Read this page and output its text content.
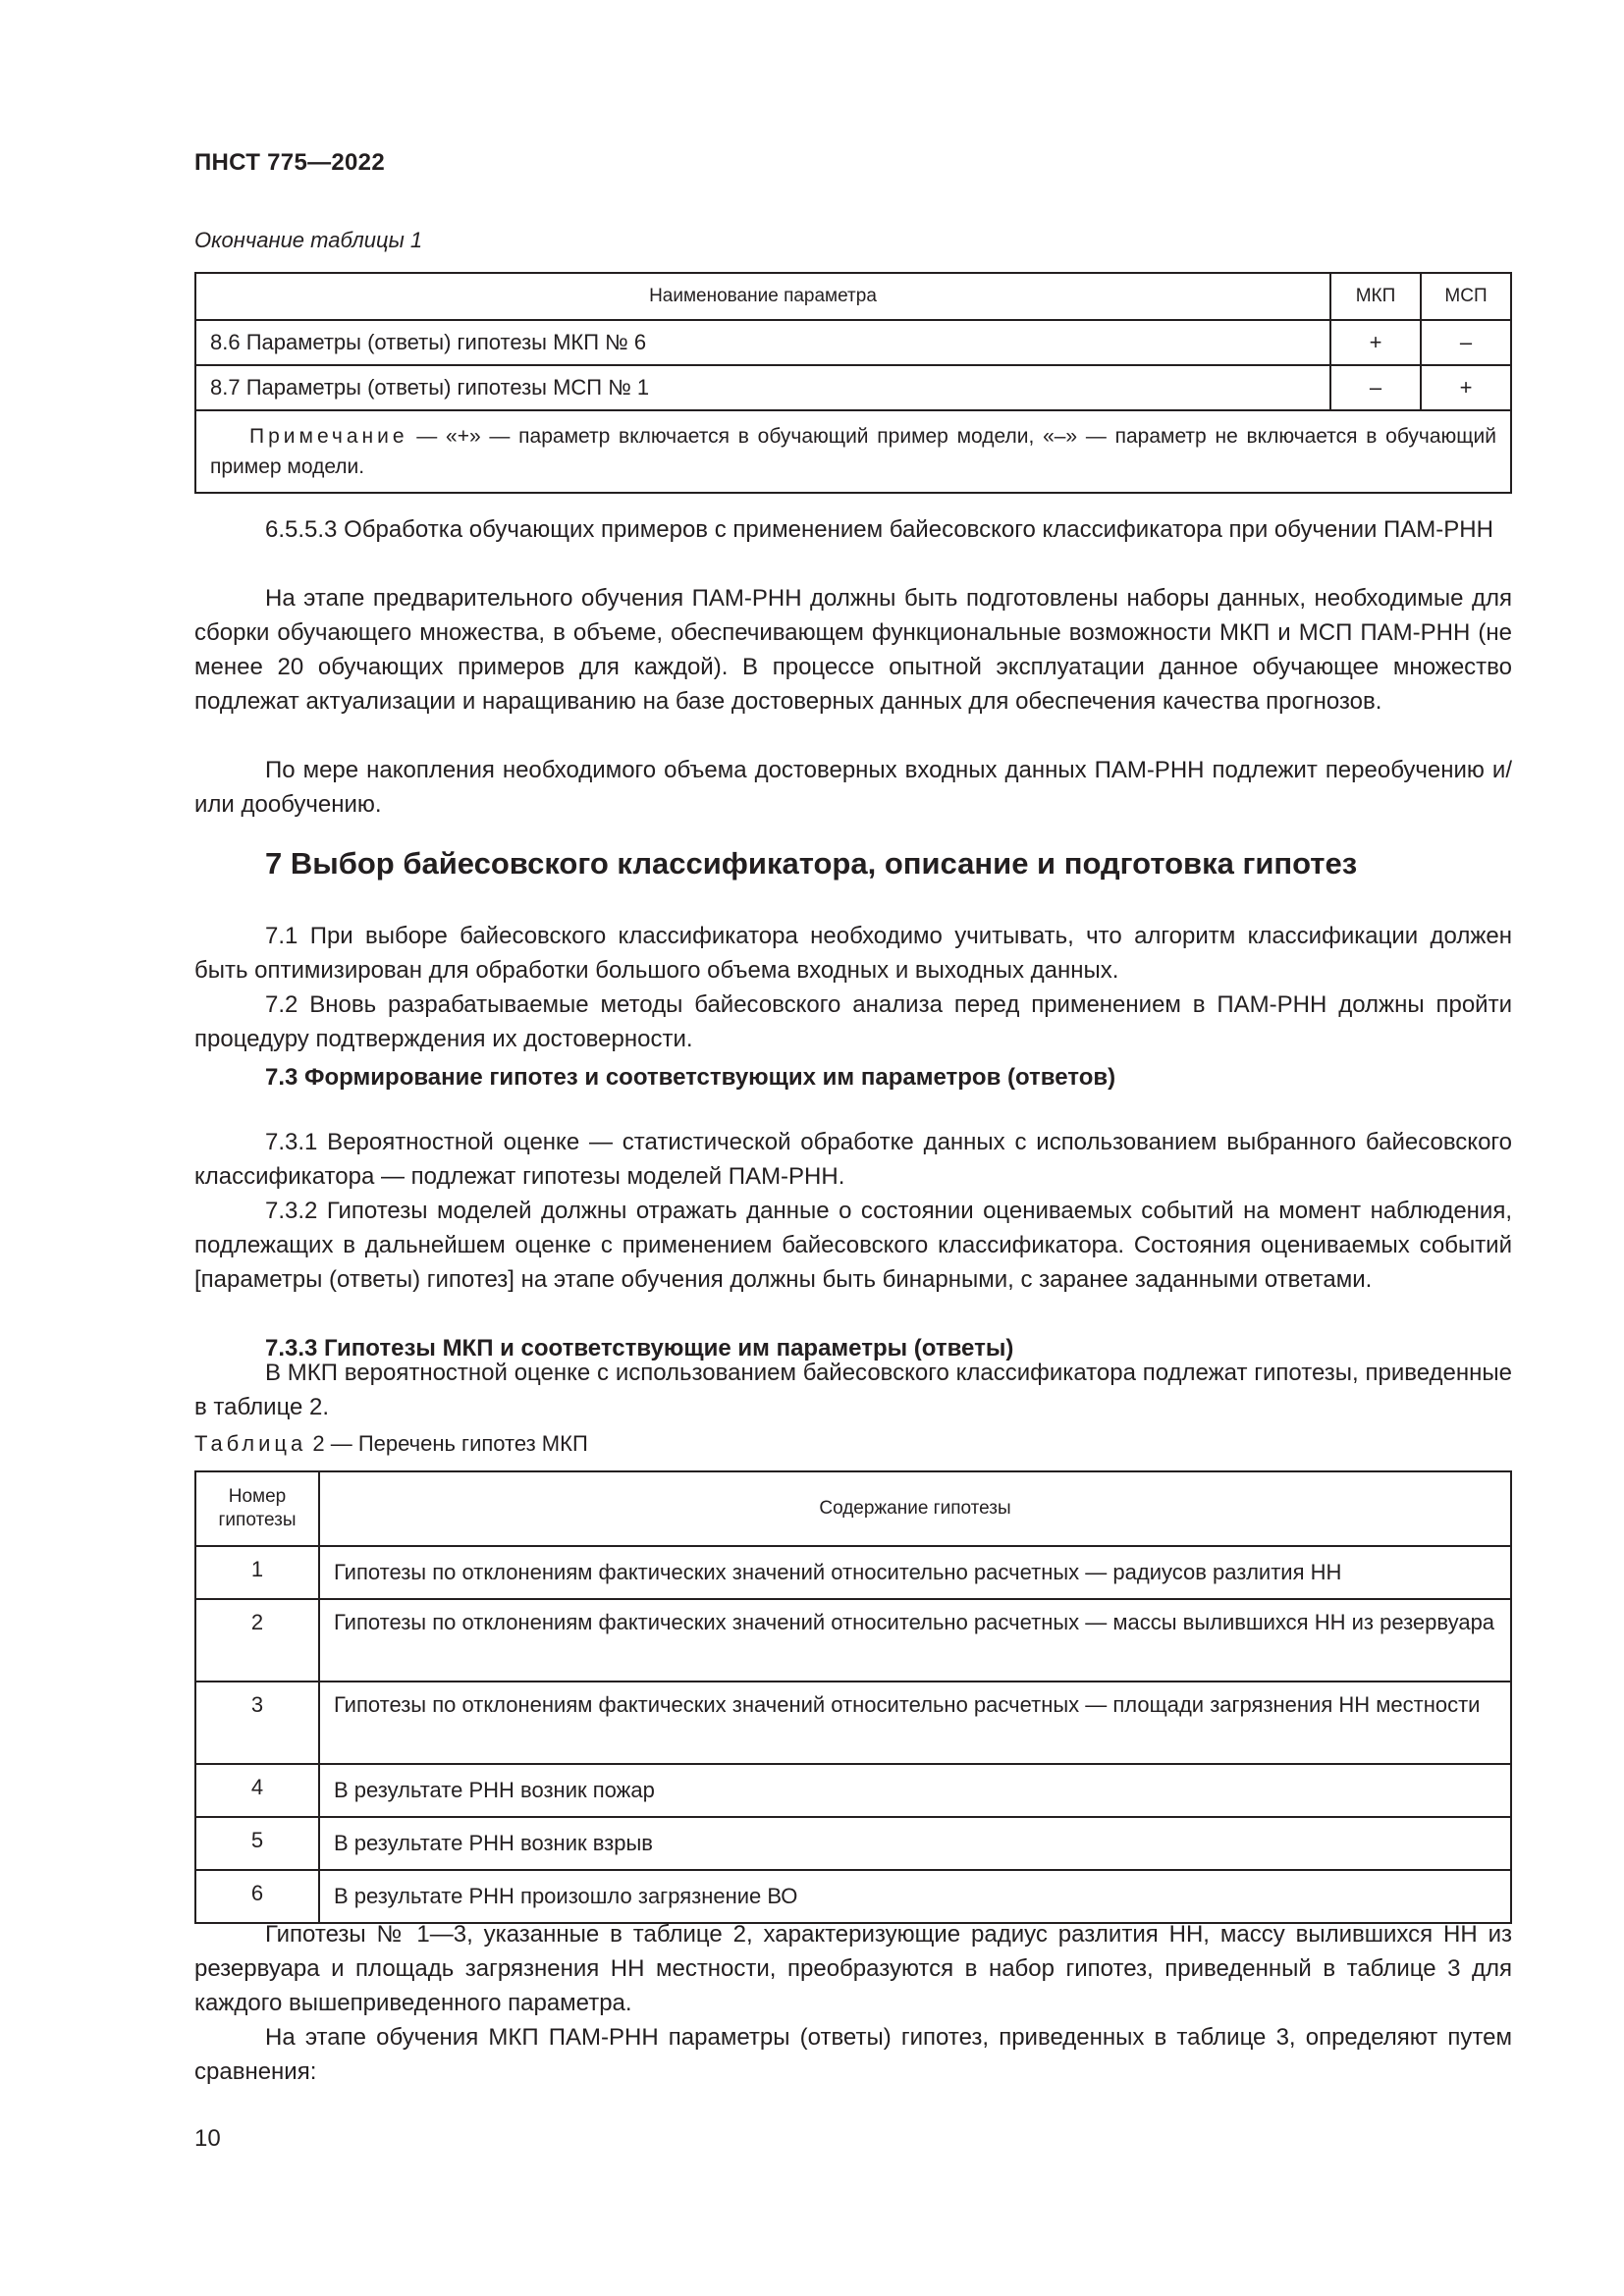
ПНСТ 775—2022
Окончание таблицы 1
Наименование параметра	МКП	МСП
8.6 Параметры (ответы) гипотезы МКП № 6	+	–
8.7 Параметры (ответы) гипотезы МСП № 1	–	+
Примечание — «+» — параметр включается в обучающий пример модели, «–» — параметр не включается в обучающий пример модели.		

6.5.5.3 Обработка обучающих примеров с применением байесовского классификатора при обучении ПАМ-РНН

На этапе предварительного обучения ПАМ-РНН должны быть подготовлены наборы данных, необходимые для сборки обучающего множества, в объеме, обеспечивающем функциональные возможности МКП и МСП ПАМ-РНН (не менее 20 обучающих примеров для каждой). В процессе опытной эксплуатации данное обучающее множество подлежат актуализации и наращиванию на базе достоверных данных для обеспечения качества прогнозов.

По мере накопления необходимого объема достоверных входных данных ПАМ-РНН подлежит переобучению и/или дообучению.

7 Выбор байесовского классификатора, описание и подготовка гипотез

7.1 При выборе байесовского классификатора необходимо учитывать, что алгоритм классификации должен быть оптимизирован для обработки большого объема входных и выходных данных.

7.2 Вновь разрабатываемые методы байесовского анализа перед применением в ПАМ-РНН должны пройти процедуру подтверждения их достоверности.

7.3 Формирование гипотез и соответствующих им параметров (ответов)

7.3.1 Вероятностной оценке — статистической обработке данных с использованием выбранного байесовского классификатора — подлежат гипотезы моделей ПАМ-РНН.

7.3.2 Гипотезы моделей должны отражать данные о состоянии оцениваемых событий на момент наблюдения, подлежащих в дальнейшем оценке с применением байесовского классификатора. Состояния оцениваемых событий [параметры (ответы) гипотез] на этапе обучения должны быть бинарными, с заранее заданными ответами.

7.3.3 Гипотезы МКП и соответствующие им параметры (ответы)

В МКП вероятностной оценке с использованием байесовского классификатора подлежат гипотезы, приведенные в таблице 2.

Таблица 2 — Перечень гипотез МКП
Номер гипотезы	Содержание гипотезы
1	Гипотезы по отклонениям фактических значений относительно расчетных — радиусов разлития НН
2	Гипотезы по отклонениям фактических значений относительно расчетных — массы вылившихся НН из резервуара
3	Гипотезы по отклонениям фактических значений относительно расчетных — площади загрязнения НН местности
4	В результате РНН возник пожар
5	В результате РНН возник взрыв
6	В результате РНН произошло загрязнение ВО

Гипотезы № 1—3, указанные в таблице 2, характеризующие радиус разлития НН, массу вылившихся НН из резервуара и площадь загрязнения НН местности, преобразуются в набор гипотез, приведенный в таблице 3 для каждого вышеприведенного параметра.

На этапе обучения МКП ПАМ-РНН параметры (ответы) гипотез, приведенных в таблице 3, определяют путем сравнения:

10
